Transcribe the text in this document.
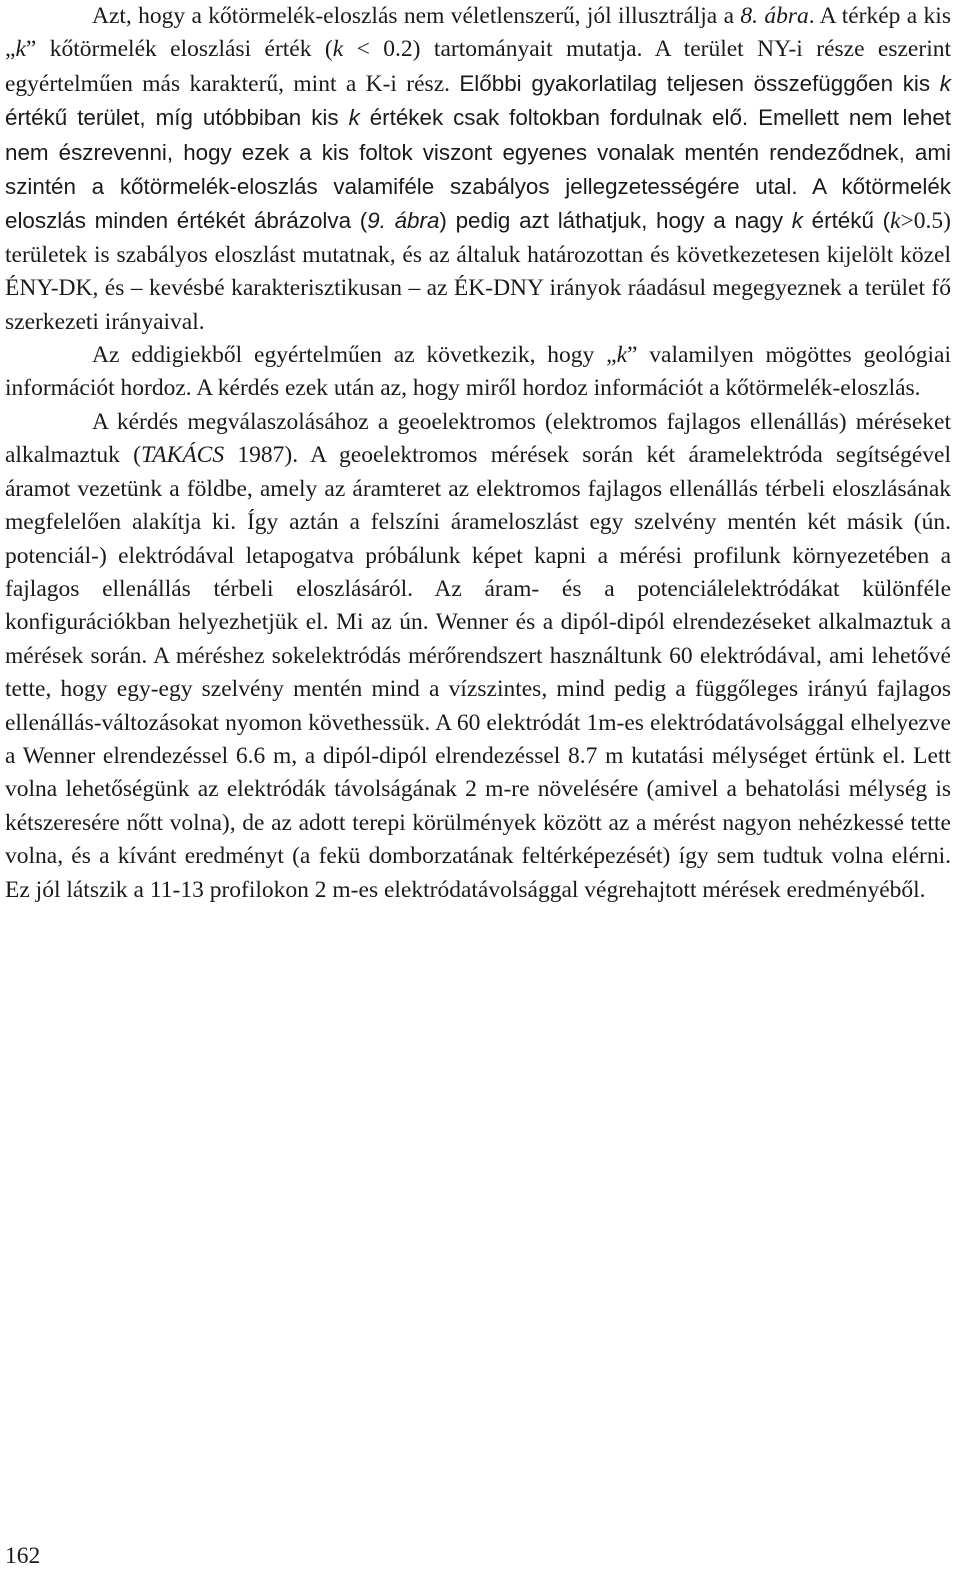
Azt, hogy a kőtörmelék-eloszlás nem véletlenszerű, jól illusztrálja a 8. ábra. A térkép a kis „k” kőtörmelék eloszlási érték (k < 0.2) tartományait mutatja. A terület NY-i része eszerint egyértelműen más karakterű, mint a K-i rész. Előbbi gyakorlatilag teljesen összefüggően kis k értékű terület, míg utóbbiban kis k értékek csak foltokban fordulnak elő. Emellett nem lehet nem észrevenni, hogy ezek a kis foltok viszont egyenes vonalak mentén rendeződnek, ami szintén a kőtörmelék-eloszlás valamiféle szabályos jellegzetességére utal. A kőtörmelék eloszlás minden értékét ábrázolva (9. ábra) pedig azt láthatjuk, hogy a nagy k értékű (k>0.5) területek is szabályos eloszlást mutatnak, és az általuk határozottan és következetesen kijelölt közel ÉNY-DK, és – kevésbé karakterisztikusan – az ÉK-DNY irányok ráadásul megegyeznek a terület fő szerkezeti irányaival.

Az eddigiekből egyértelműen az következik, hogy „k” valamilyen mögöttes geológiai információt hordoz. A kérdés ezek után az, hogy miről hordoz információt a kőtörmelék-eloszlás.

A kérdés megválaszolásához a geoelektromos (elektromos fajlagos ellenállás) méréseket alkalmaztuk (TAKÁCS 1987). A geoelektromos mérések során két áramelektróda segítségével áramot vezetünk a földbe, amely az áramteret az elektromos fajlagos ellenállás térbeli eloszlásának megfelelően alakítja ki. Így aztán a felszíni árameloszlást egy szelvény mentén két másik (ún. potenciál-) elektródával letapogatva próbálunk képet kapni a mérési profilunk környezetében a fajlagos ellenállás térbeli eloszlásáról. Az áram- és a potenciálelektródákat különféle konfigurációkban helyezhetjük el. Mi az ún. Wenner és a dipól-dipól elrendezéseket alkalmaztuk a mérések során. A méréshez sokelektródás mérőrendszert használtunk 60 elektródával, ami lehetővé tette, hogy egy-egy szelvény mentén mind a vízszintes, mind pedig a függőleges irányú fajlagos ellenállás-változásokat nyomon követhessük. A 60 elektródát 1m-es elektródatávolsággal elhelyezve a Wenner elrendezéssel 6.6 m, a dipól-dipól elrendezéssel 8.7 m kutatási mélységet értünk el. Lett volna lehetőségünk az elektródák távolságának 2 m-re növelésére (amivel a behatolási mélység is kétszeresére nőtt volna), de az adott terepi körülmények között az a mérést nagyon nehézkessé tette volna, és a kívánt eredményt (a fekü domborzatának feltérképezését) így sem tudtuk volna elérni. Ez jól látszik a 11-13 profilokon 2 m-es elektródatávolsággal végrehajtott mérések eredményéből.

162
